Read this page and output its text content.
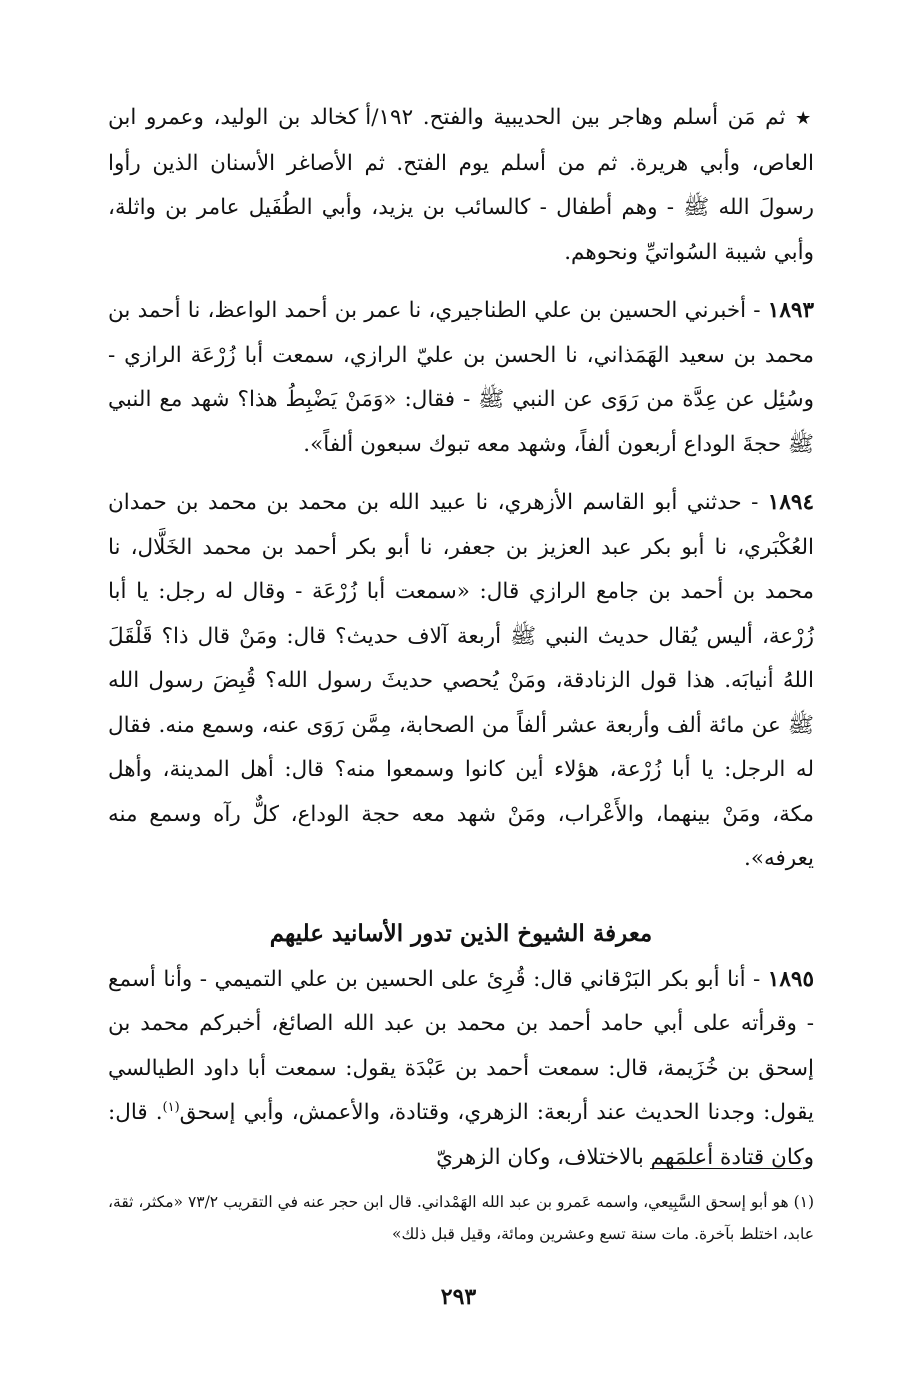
★ ثم مَن أسلم وهاجر بين الحديبية والفتح. ١٩٢/أ كخالد بن الوليد، وعمرو ابن العاص، وأبي هريرة. ثم من أسلم يوم الفتح. ثم الأصاغر الأسنان الذين رأوا رسولَ الله ﷺ - وهم أطفال - كالسائب بن يزيد، وأبي الطُفَيل عامر بن واثلة، وأبي شيبة السُواتيِّ ونحوهم.

١٨٩٣ - أخبرني الحسين بن علي الطناجيري، نا عمر بن أحمد الواعظ، نا أحمد بن محمد بن سعيد الهَمَذاني، نا الحسن بن عليّ الرازي، سمعت أبا زُرْعَة الرازي - وسُئِل عن عِدَّة من رَوَى عن النبي ﷺ - فقال: «وَمَنْ يَضْبِطُ هذا؟ شهد مع النبي ﷺ حجةَ الوداع أربعون ألفاً، وشهد معه تبوك سبعون ألفاً».

١٨٩٤ - حدثني أبو القاسم الأزهري، نا عبيد الله بن محمد بن محمد بن حمدان العُكْبَري، نا أبو بكر عبد العزيز بن جعفر، نا أبو بكر أحمد بن محمد الخَلَّال، نا محمد بن أحمد بن جامع الرازي قال: «سمعت أبا زُرْعَة - وقال له رجل: يا أبا زُرْعة، أليس يُقال حديث النبي ﷺ أربعة آلاف حديث؟ قال: ومَنْ قال ذا؟ قَلْقَلَ اللهُ أنيابَه. هذا قول الزنادقة، ومَنْ يُحصي حديثَ رسول الله؟ قُبِضَ رسول الله ﷺ عن مائة ألف وأربعة عشر ألفاً من الصحابة، مِمَّن رَوَى عنه، وسمع منه. فقال له الرجل: يا أبا زُرْعة، هؤلاء أين كانوا وسمعوا منه؟ قال: أهل المدينة، وأهل مكة، ومَنْ بينهما، والأَعْراب، ومَنْ شهد معه حجة الوداع، كلٌّ رآه وسمع منه يعرفه».

معرفة الشيوخ الذين تدور الأسانيد عليهم

١٨٩٥ - أنا أبو بكر البَرْقاني قال: قُرِئ على الحسين بن علي التميمي - وأنا أسمع - وقرأته على أبي حامد أحمد بن محمد بن عبد الله الصائغ، أخبركم محمد بن إسحق بن خُزَيمة، قال: سمعت أحمد بن عَبْدَة يقول: سمعت أبا داود الطيالسي يقول: وجدنا الحديث عند أربعة: الزهري، وقتادة، والأعمش، وأبي إسحق$^{(١)}$. قال: وكان قتادة أعلمَهم بالاختلاف، وكان الزهريّ

(١) هو أبو إسحق السَّبِيعي، واسمه عَمرو بن عبد الله الهَمْداني. قال ابن حجر عنه في التقريب ٧٣/٢ «مكثر، ثقة، عابد، اختلط بآخرة. مات سنة تسع وعشرين ومائة، وقيل قبل ذلك»

٢٩٣
